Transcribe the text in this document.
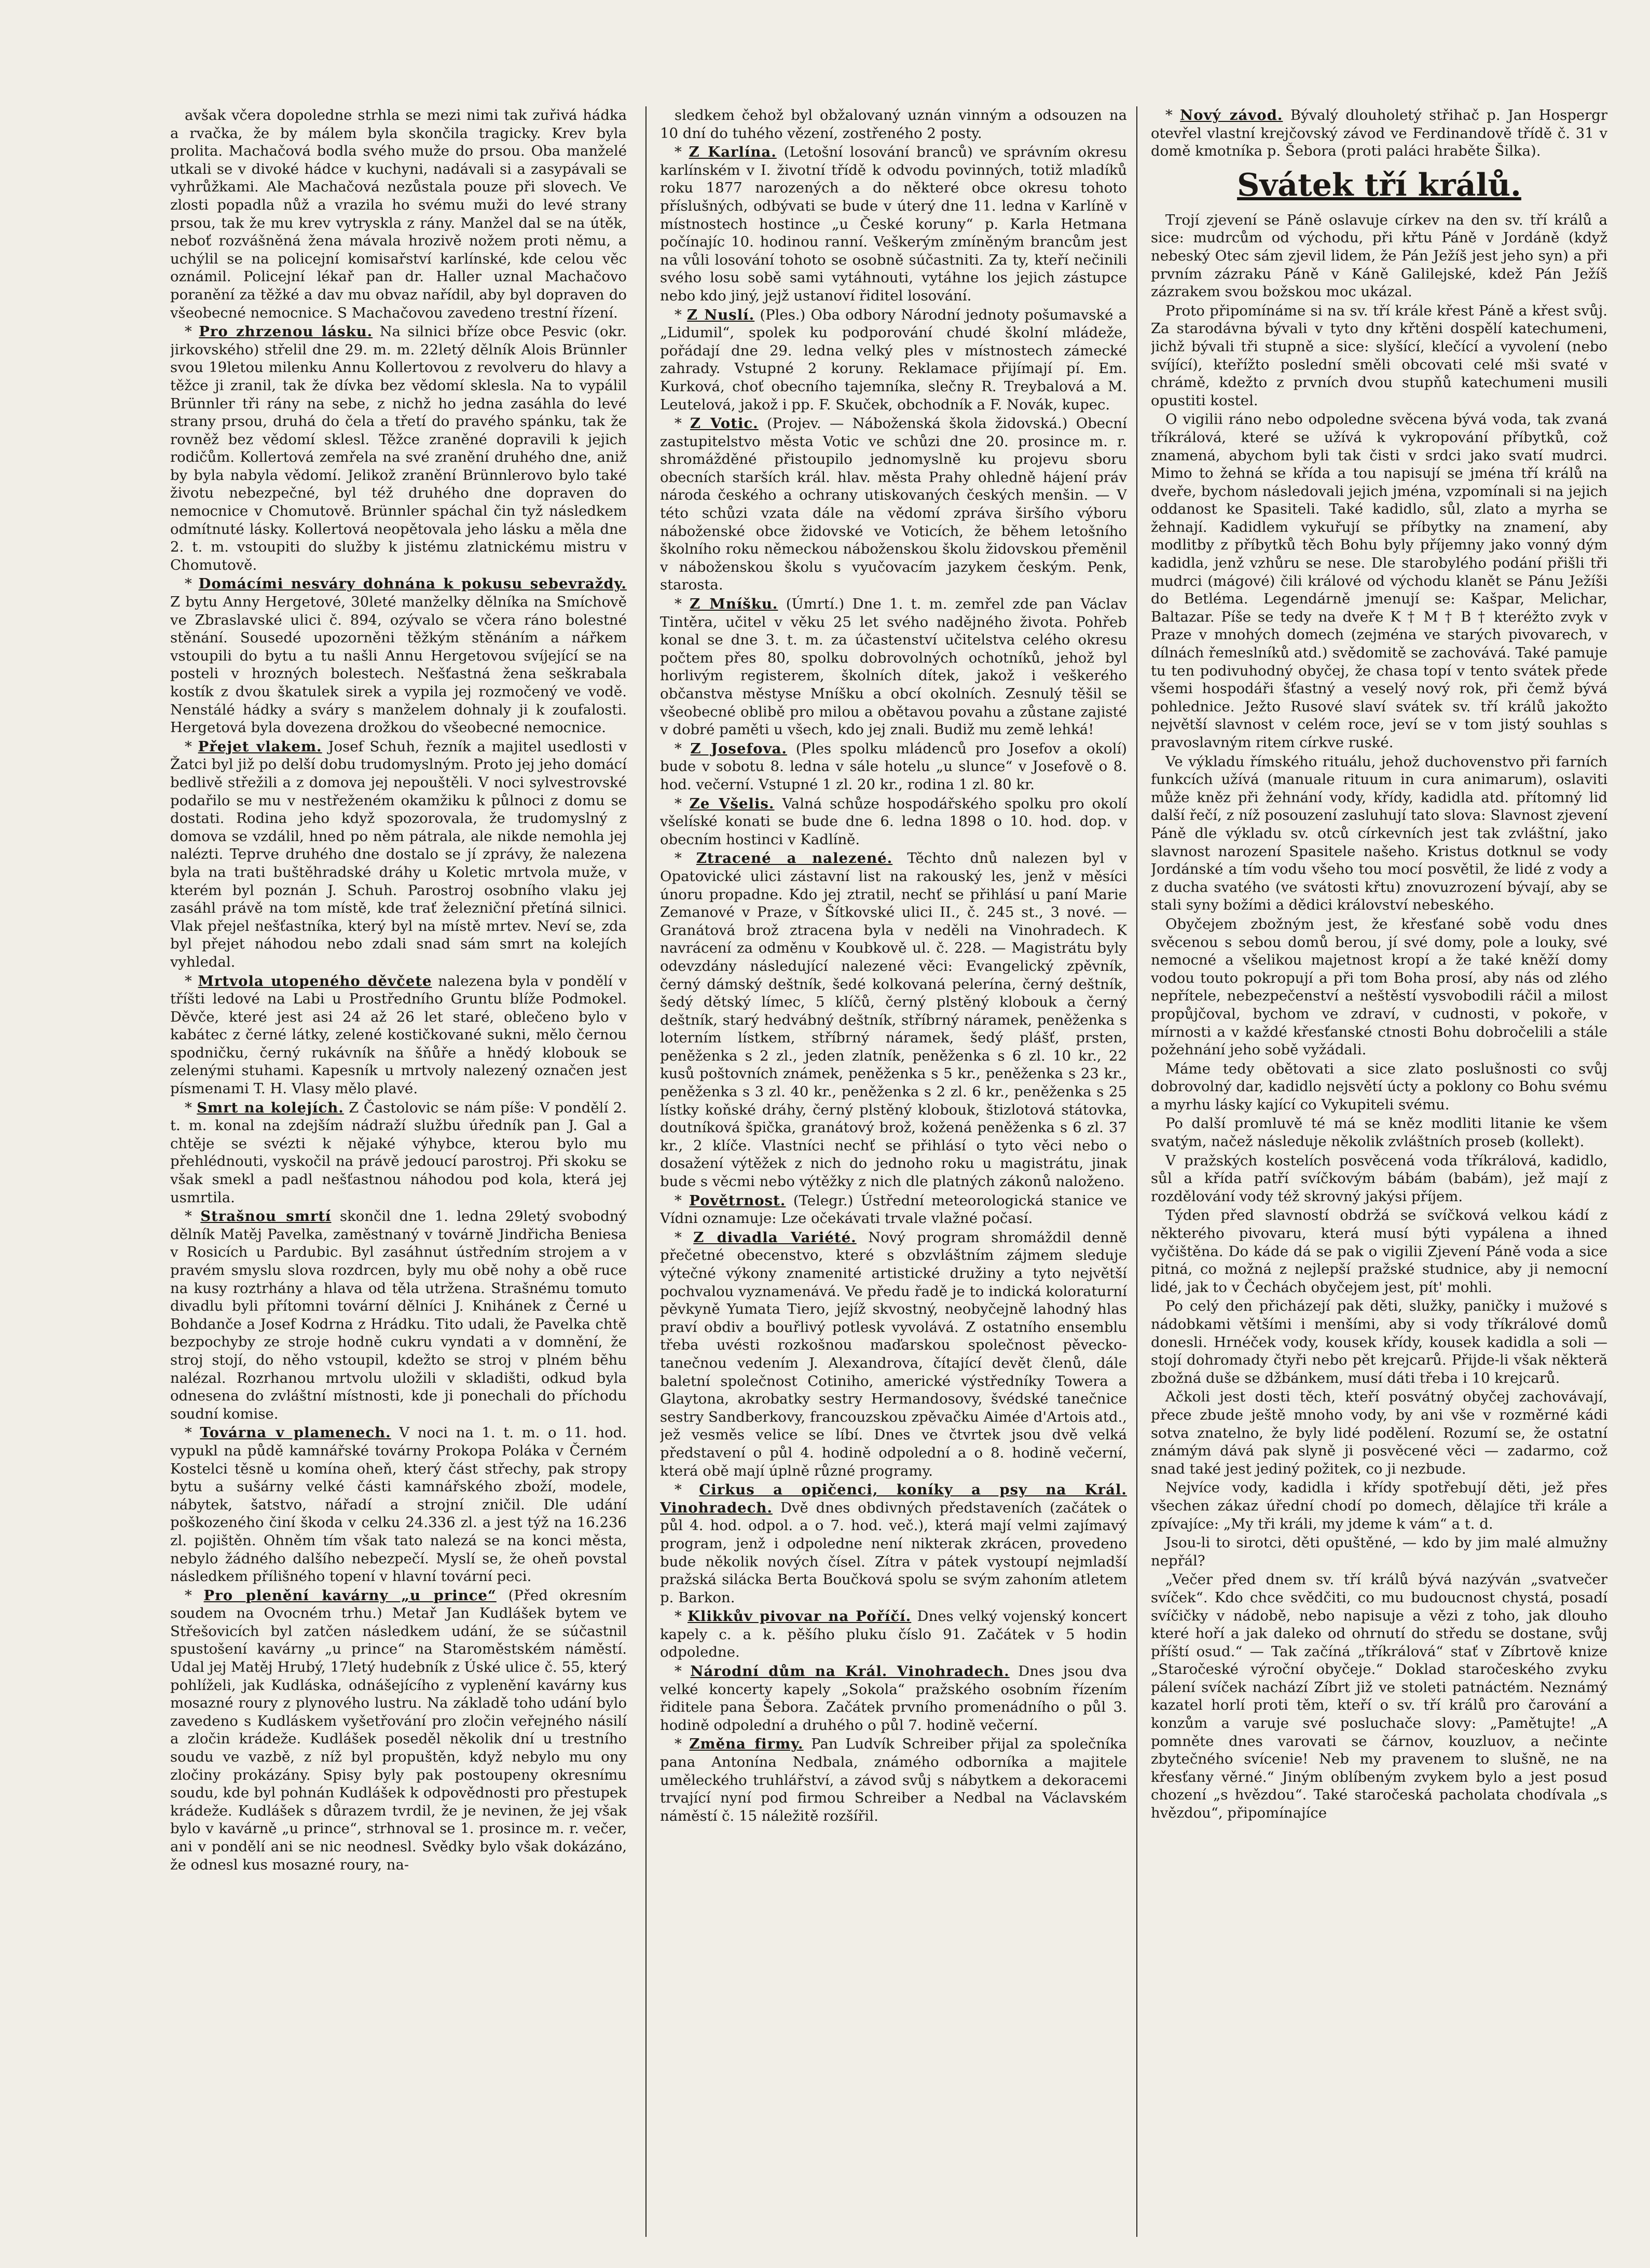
avšak včera dopoledne strhla se mezi nimi tak zuřivá hádka a rvačka, že by málem byla skončila tragicky. Krev byla prolita. Machačová bodla svého muže do prsou. Oba manželé utkali se v divoké hádce v kuchyni, nadávali si a zasypávali se vyhrůžkami. Ale Machačová nezůstala pouze při slovech. Ve zlosti popadla nůž a vrazila ho svému muži do levé strany prsou, tak že mu krev vytryskla z rány. Manžel dal se na útěk, neboť rozvášněná žena mávala hrozivě nožem proti němu, a uchýlil se na policejní komisařství karlínské, kde celou věc oznámil. Policejní lékař pan dr. Haller uznal Machačovo poranění za těžké a dav mu obvaz nařídil, aby byl dopraven do všeobecné nemocnice. S Machačovou zavedeno trestní řízení.

* Pro zhrzenou lásku. Na silnici bříze obce Pesvic (okr. jirkovského) střelil dne 29. m. m. 22letý dělník Alois Brünnler svou 19letou milenku Annu Kollertovou z revolveru do hlavy a těžce ji zranil, tak že dívka bez vědomí sklesla. Na to vypálil Brünnler tři rány na sebe, z nichž ho jedna zasáhla do levé strany prsou, druhá do čela a třetí do pravého spánku, tak že rovněž bez vědomí sklesl. Těžce zraněné dopravili k jejich rodičům. Kollertová zemřela na své zranění druhého dne, aniž by byla nabyla vědomí. Jelikož zranění Brünnlerovo bylo také životu nebezpečné, byl též druhého dne dopraven do nemocnice v Chomutově. Brünnler spáchal čin tyž následkem odmítnuté lásky. Kollertová neopětovala jeho lásku a měla dne 2. t. m. vstoupiti do služby k jistému zlatnickému mistru v Chomutově.

* Domácími nesváry dohnána k pokusu sebevraždy. Z bytu Anny Hergetové, 30leté manželky dělníka na Smíchově ve Zbraslavské ulici č. 894, ozývalo se včera ráno bolestné stěnání. Sousedé upozorněni těžkým stěnáním a nářkem vstoupili do bytu a tu našli Annu Hergetovou svíjející se na posteli v hrozných bolestech. Nešťastná žena seškrabala kostík z dvou škatulek sirek a vypila jej rozmočený ve vodě. Nenstálé hádky a sváry s manželem dohnaly ji k zoufalosti. Hergetová byla dovezena drožkou do všeobecné nemocnice.

* Přejet vlakem. Josef Schuh, řezník a majitel usedlosti v Žatci byl již po delší dobu trudomyslným. Proto jej jeho domácí bedlivě střežili a z domova jej nepouštěli. V noci sylvestrovské podařilo se mu v nestřeženém okamžiku k půlnoci z domu se dostati. Rodina jeho když spozorovala, že trudomyslný z domova se vzdálil, hned po něm pátrala, ale nikde nemohla jej nalézti. Teprve druhého dne dostalo se jí zprávy, že nalezena byla na trati buštěhradské dráhy u Koletic mrtvola muže, v kterém byl poznán J. Schuh. Parostroj osobního vlaku jej zasáhl právě na tom místě, kde trať železniční přetíná silnici. Vlak přejel nešťastníka, který byl na místě mrtev. Neví se, zda byl přejet náhodou nebo zdali snad sám smrt na kolejích vyhledal.

* Mrtvola utopeného děvčete nalezena byla v pondělí v tříšti ledové na Labi u Prostředního Gruntu blíže Podmokel. Děvče, které jest asi 24 až 26 let staré, oblečeno bylo v kabátec z černé látky, zelené kostičkované sukni, mělo černou spodničku, černý rukávník na šňůře a hnědý klobouk se zelenými stuhami. Kapesník u mrtvoly nalezený označen jest písmenami T. H. Vlasy mělo plavé.

* Smrt na kolejích. Z Častolovic se nám píše: V pondělí 2. t. m. konal na zdejším nádraží službu úředník pan J. Gal a chtěje se svézti k nějaké výhybce, kterou bylo mu přehlédnouti, vyskočil na právě jedoucí parostroj. Při skoku se však smekl a padl nešťastnou náhodou pod kola, která jej usmrtila.

* Strašnou smrtí skončil dne 1. ledna 29letý svobodný dělník Matěj Pavelka, zaměstnaný v továrně Jindřicha Beniesa v Rosicích u Pardubic. Byl zasáhnut ústředním strojem a v pravém smyslu slova rozdrcen, byly mu obě nohy a obě ruce na kusy roztrhány a hlava od těla utržena. Strašnému tomuto divadlu byli přítomni tovární dělníci J. Knihánek z Černé u Bohdanče a Josef Kodrna z Hrádku. Tito udali, že Pavelka chtě bezpochyby ze stroje hodně cukru vyndati a v domnění, že stroj stojí, do něho vstoupil, kdežto se stroj v plném běhu nalézal. Rozrhanou mrtvolu uložili v skladišti, odkud byla odnesena do zvláštní místnosti, kde ji ponechali do příchodu soudní komise.

* Továrna v plamenech. V noci na 1. t. m. o 11. hod. vypukl na půdě kamnářské továrny Prokopa Poláka v Černém Kostelci těsně u komína oheň, který část střechy, pak stropy bytu a sušárny velké části kamnářského zboží, modele, nábytek, šatstvo, nářadí a strojní zničil. Dle udání poškozeného činí škoda v celku 24.336 zl. a jest týž na 16.236 zl. pojištěn. Ohněm tím však tato nalezá se na konci města, nebylo žádného dalšího nebezpečí. Myslí se, že oheň povstal následkem přílišného topení v hlavní tovární peci.

* Pro plenění kavárny „u prince“ (Před okresním soudem na Ovocném trhu.) Metař Jan Kudlášek bytem ve Střešovicích byl zatčen následkem udání, že se súčastnil spustošení kavárny „u prince“ na Staroměstském náměstí. Udal jej Matěj Hrubý, 17letý hudebník z Úské ulice č. 55, který pohlíželi, jak Kudláska, odnášejícího z vyplenění kavárny kus mosazné roury z plynového lustru. Na základě toho udání bylo zavedeno s Kudláskem vyšetřování pro zločin veřejného násilí a zločin krádeže. Kudlášek poseděl několik dní u trestního soudu ve vazbě, z níž byl propuštěn, když nebylo mu ony zločiny prokázány. Spisy byly pak postoupeny okresnímu soudu, kde byl pohnán Kudlášek k odpovědnosti pro přestupek krádeže. Kudlášek s důrazem tvrdil, že je nevinen, že jej však bylo v kavárně „u prince“, strhnoval se 1. prosince m. r. večer, ani v pondělí ani se nic neodnesl. Svědky bylo však dokázáno, že odnesl kus mosazné roury, na-

sledkem čehož byl obžalovaný uznán vinným a odsouzen na 10 dní do tuhého vězení, zostřeného 2 posty.

* Z Karlína. (Letošní losování branců) ve správním okresu karlínském v I. životní třídě k odvodu povinných, totiž mladíků roku 1877 narozených a do některé obce okresu tohoto příslušných, odbývati se bude v úterý dne 11. ledna v Karlíně v místnostech hostince „u České koruny“ p. Karla Hetmana počínajíc 10. hodinou ranní. Veškerým zmíněným brancům jest na vůli losování tohoto se osobně súčastniti. Za ty, kteří nečinili svého losu sobě sami vytáhnouti, vytáhne los jejich zástupce nebo kdo jiný, jejž ustanoví řiditel losování.

* Z Nuslí. (Ples.) Oba odbory Národní jednoty pošumavské a „Lidumil“, spolek ku podporování chudé školní mládeže, pořádají dne 29. ledna velký ples v místnostech zámecké zahrady. Vstupné 2 koruny. Reklamace přijímají pí. Em. Kurková, choť obecního tajemníka, slečny R. Treybalová a M. Leutelová, jakož i pp. F. Skuček, obchodník a F. Novák, kupec.

* Z Votic. (Projev. — Náboženská škola židovská.) Obecní zastupitelstvo města Votic ve schůzi dne 20. prosince m. r. shromážděné přistoupilo jednomyslně ku projevu sboru obecních starších král. hlav. města Prahy ohledně hájení práv národa českého a ochrany utiskovaných českých menšin. — V této schůzi vzata dále na vědomí zpráva širšího výboru náboženské obce židovské ve Voticích, že během letošního školního roku německou náboženskou školu židovskou přeměnil v náboženskou školu s vyučovacím jazykem českým. Penk, starosta.

* Z Mníšku. (Úmrtí.) Dne 1. t. m. zemřel zde pan Václav Tintěra, učitel v věku 25 let svého nadějného života. Pohřeb konal se dne 3. t. m. za účastenství učitelstva celého okresu počtem přes 80, spolku dobrovolných ochotníků, jehož byl horlivým registerem, školních dítek, jakož i veškerého občanstva městyse Mníšku a obcí okolních. Zesnulý těšil se všeobecné oblibě pro milou a obětavou povahu a zůstane zajisté v dobré paměti u všech, kdo jej znali. Budiž mu země lehká!

* Z Josefova. (Ples spolku mládenců pro Josefov a okolí) bude v sobotu 8. ledna v sále hotelu „u slunce“ v Josefově o 8. hod. večerní. Vstupné 1 zl. 20 kr., rodina 1 zl. 80 kr.

* Ze Všelis. Valná schůze hospodářského spolku pro okolí všelíské konati se bude dne 6. ledna 1898 o 10. hod. dop. v obecním hostinci v Kadlíně.

* Ztracené a nalezené. Těchto dnů nalezen byl v Opatovické ulici zástavní list na rakouský les, jenž v měsíci únoru propadne. Kdo jej ztratil, nechť se přihlásí u paní Marie Zemanové v Praze, v Šítkovské ulici II., č. 245 st., 3 nové. — Granátová brož ztracena byla v neděli na Vinohradech. K navrácení za odměnu v Koubkově ul. č. 228. — Magistrátu byly odevzdány následující nalezené věci: Evangelický zpěvník, černý dámský deštník, šedé kolkovaná pelerína, černý deštník, šedý dětský límec, 5 klíčů, černý plstěný klobouk a černý deštník, starý hedvábný deštník, stříbrný náramek, peněženka s loterním lístkem, stříbrný náramek, šedý plášť, prsten, peněženka s 2 zl., jeden zlatník, peněženka s 6 zl. 10 kr., 22 kusů poštovních známek, peněženka s 5 kr., peněženka s 23 kr., peněženka s 3 zl. 40 kr., peněženka s 2 zl. 6 kr., peněženka s 25 lístky koňské dráhy, černý plstěný klobouk, štizlotová státovka, doutníková špička, granátový brož, kožená peněženka s 6 zl. 37 kr., 2 klíče. Vlastníci nechť se přihlásí o tyto věci nebo o dosažení výtěžek z nich do jednoho roku u magistrátu, jinak bude s věcmi nebo výtěžky z nich dle platných zákonů naloženo.

* Povětrnost. (Telegr.) Ústřední meteorologická stanice ve Vídni oznamuje: Lze očekávati trvale vlažné počasí.

* Z divadla Variété. Nový program shromáždil denně přečetné obecenstvo, které s obzvláštním zájmem sleduje výtečné výkony znamenité artistické družiny a tyto největší pochvalou vyznamenává. Ve předu řadě je to indická koloraturní pěvkyně Yumata Tiero, jejíž skvostný, neobyčejně lahodný hlas praví obdiv a bouřlivý potlesk vyvolává. Z ostatního ensemblu třeba uvésti rozkošnou maďarskou společnost pěvecko-tanečnou vedením J. Alexandrova, čítající devět členů, dále baletní společnost Cotiniho, americké výstředníky Towera a Glaytona, akrobatky sestry Hermandosovy, švédské tanečnice sestry Sandberkovy, francouzskou zpěvačku Aimée d'Artois atd., jež vesměs velice se líbí. Dnes ve čtvrtek jsou dvě velká představení o půl 4. hodině odpolední a o 8. hodině večerní, která obě mají úplně různé programy.

* Cirkus a opičenci, koníky a psy na Král. Vinohradech. Dvě dnes obdivných představeních (začátek o půl 4. hod. odpol. a o 7. hod. več.), která mají velmi zajímavý program, jenž i odpoledne není nikterak zkrácen, provedeno bude několik nových čísel. Zítra v pátek vystoupí nejmladší pražská silácka Berta Boučková spolu se svým zahoním atletem p. Barkon.

* Klikkův pivovar na Poříčí. Dnes velký vojenský koncert kapely c. a k. pěšího pluku číslo 91. Začátek v 5 hodin odpoledne.

* Národní dům na Král. Vinohradech. Dnes jsou dva velké koncerty kapely „Sokola“ pražského osobním řízením řiditele pana Šebora. Začátek prvního promenádního o půl 3. hodině odpolední a druhého o půl 7. hodině večerní.

* Změna firmy. Pan Ludvík Schreiber přijal za společníka pana Antonína Nedbala, známého odborníka a majitele uměleckého truhlářství, a závod svůj s nábytkem a dekoracemi trvající nyní pod firmou Schreiber a Nedbal na Václavském náměstí č. 15 náležitě rozšířil.

* Nový závod. Bývalý dlouholetý střihač p. Jan Hospergr otevřel vlastní krejčovský závod ve Ferdinandově třídě č. 31 v domě kmotníka p. Šebora (proti paláci hraběte Šilka).

Svátek tří králů.

Trojí zjevení se Páně oslavuje církev na den sv. tří králů a sice: mudrcům od východu, při křtu Páně v Jordáně (když nebeský Otec sám zjevil lidem, že Pán Ježíš jest jeho syn) a při prvním zázraku Páně v Káně Galilejské, kdež Pán Ježíš zázrakem svou božskou moc ukázal.

Proto připomínáme si na sv. tří krále křest Páně a křest svůj. Za starodávna bývali v tyto dny křtěni dospělí katechumeni, jichž bývali tři stupně a sice: slyšící, klečící a vyvolení (nebo svíjící), kteřížto poslední směli obcovati celé mši svaté v chrámě, kdežto z prvních dvou stupňů katechumeni musili opustiti kostel.

O vigilii ráno nebo odpoledne svěcena bývá voda, tak zvaná tříkrálová, které se užívá k vykropování příbytků, což znamená, abychom byli tak čisti v srdci jako svatí mudrci. Mimo to žehná se křída a tou napisují se jména tří králů na dveře, bychom následovali jejich jména, vzpomínali si na jejich oddanost ke Spasiteli. Také kadidlo, sůl, zlato a myrha se žehnají. Kadidlem vykuřují se příbytky na znamení, aby modlitby z příbytků těch Bohu byly příjemny jako vonný dým kadidla, jenž vzhůru se nese. Dle starobylého podání přišli tři mudrci (mágové) čili králové od východu klanět se Pánu Ježíši do Betléma. Legendárně jmenují se: Kašpar, Melichar, Baltazar. Píše se tedy na dveře K † M † B † kteréžto zvyk v Praze v mnohých domech (zejména ve starých pivovarech, v dílnách řemeslníků atd.) svědomitě se zachovává. Také pamuje tu ten podivuhodný obyčej, že chasa topí v tento svátek přede všemi hospodáři šťastný a veselý nový rok, při čemž bývá pohlednice. Ježto Rusové slaví svátek sv. tří králů jakožto největší slavnost v celém roce, jeví se v tom jistý souhlas s pravoslavným ritem církve ruské.

Ve výkladu římského rituálu, jehož duchovenstvo při farních funkcích užívá (manuale rituum in cura animarum), oslaviti může kněz při žehnání vody, křídy, kadidla atd. přítomný lid další řečí, z níž posouzení zasluhují tato slova: Slavnost zjevení Páně dle výkladu sv. otců církevních jest tak zvláštní, jako slavnost narození Spasitele našeho. Kristus dotknul se vody Jordánské a tím vodu všeho tou mocí posvětil, že lidé z vody a z ducha svatého (ve svátosti křtu) znovuzrození bývají, aby se stali syny božími a dědici království nebeského.

Obyčejem zbožným jest, že křesťané sobě vodu dnes svěcenou s sebou domů berou, jí své domy, pole a louky, své nemocné a všelikou majetnost kropí a že také kněží domy vodou touto pokropují a při tom Boha prosí, aby nás od zlého nepřítele, nebezpečenství a neštěstí vysvobodili ráčil a milost propůjčoval, bychom ve zdraví, v cudnosti, v pokoře, v mírnosti a v každé křesťanské ctnosti Bohu dobročelili a stále požehnání jeho sobě vyžádali.

Máme tedy obětovati a sice zlato poslušnosti co svůj dobrovolný dar, kadidlo nejsvětí úcty a poklony co Bohu svému a myrhu lásky kající co Vykupiteli svému.

Po další promluvě té má se kněz modliti litanie ke všem svatým, načež následuje několik zvláštních proseb (kollekt).

V pražských kostelích posvěcená voda tříkrálová, kadidlo, sůl a křída patří svíčkovým bábám (babám), jež mají z rozdělování vody též skrovný jakýsi příjem.

Týden před slavností obdržá se svíčková velkou kádí z některého pivovaru, která musí býti vypálena a ihned vyčištěna. Do káde dá se pak o vigilii Zjevení Páně voda a sice pitná, co možná z nejlepší pražské studnice, aby ji nemocní lidé, jak to v Čechách obyčejem jest, pít' mohli.

Po celý den přicházejí pak děti, služky, paničky i mužové s nádobkami většími i menšími, aby si vody tříkrálové domů donesli. Hrnéček vody, kousek křídy, kousek kadidla a soli — stojí dohromady čtyři nebo pět krejcarů. Přijde-li však některă zbožná duše se džbánkem, musí dáti třeba i 10 krejcarů.

Ačkoli jest dosti těch, kteří posvátný obyčej zachovávají, přece zbude ještě mnoho vody, by ani vše v rozměrné kádi sotva znatelno, že byly lidé podělení. Rozumí se, že ostatní známým dává pak slyně ji posvěcené věci — zadarmo, což snad také jest jediný požitek, co ji nezbude.

Nejvíce vody, kadidla i křídy spotřebují děti, jež přes všechen zákaz úřední chodí po domech, dělajíce tři krále a zpívajíce: „My tři králi, my jdeme k vám“ a t. d.

Jsou-li to sirotci, děti opuštěné, — kdo by jim malé almužny nepřál?

„Večer před dnem sv. tří králů bývá nazýván „svatvečer svíček“. Kdo chce svědčiti, co mu budoucnost chystá, posadí svíčičky v nádobě, nebo napisuje a vězi z toho, jak dlouho které hoří a jak daleko od ohrnutí do středu se dostane, svůj příští osud.“ — Tak začíná „tříkrálová“ stať v Zíbrtově knize „Staročeské výroční obyčeje.“ Doklad staročeského zvyku pálení svíček nachází Zíbrt již ve stoleti patnáctém. Neznámý kazatel horlí proti těm, kteří o sv. tří králů pro čarování a konzům a varuje své posluchače slovy: „Pamětujte! „A pomněte dnes varovati se čárnov, kouzluov, a nečinte zbytečného svícenie! Neb my pravenem to slušně, ne na křesťany věrné.“ Jiným oblíbeným zvykem bylo a jest posud chození „s hvězdou“. Také staročeská pacholata chodívala „s hvězdou“, připomínajíce
